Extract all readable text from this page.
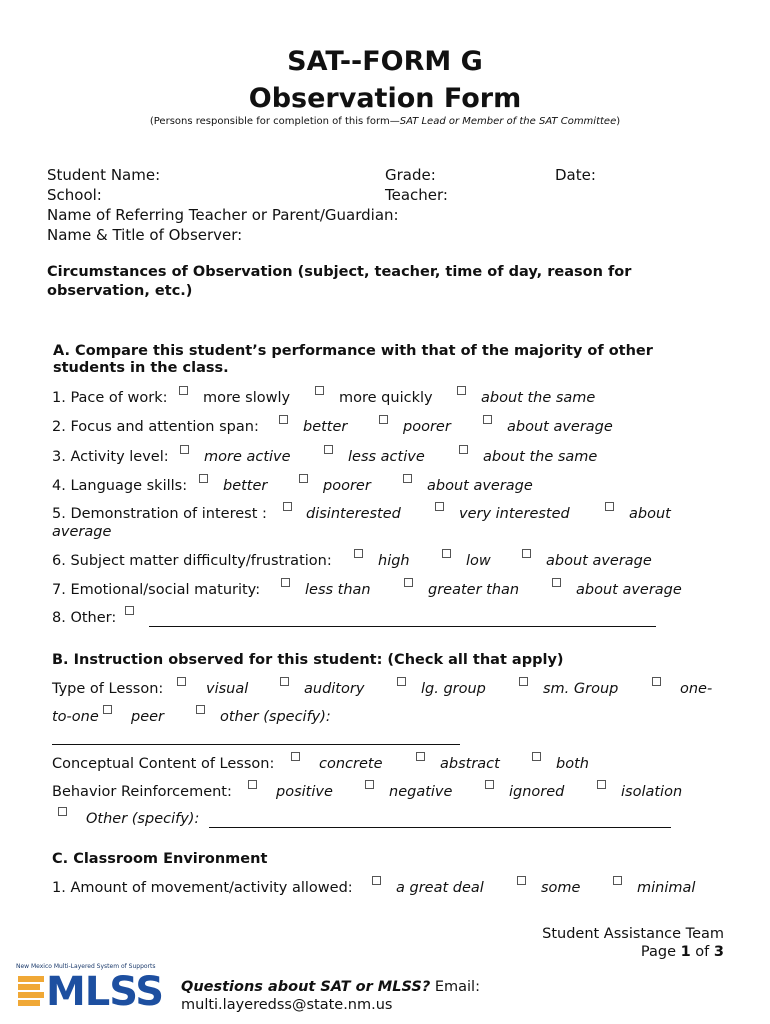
SAT--FORM G
Observation Form
(Persons responsible for completion of this form—SAT Lead or Member of the SAT Committee)
Student Name:	Grade:	Date:
School:	Teacher:
Name of Referring Teacher or Parent/Guardian:
Name & Title of Observer:
Circumstances of Observation (subject, teacher, time of day, reason for
observation, etc.)
A. Compare this student’s performance with that of the majority of other
students in the class.
1. Pace of work: more slowly	more quickly	about the same
2. Focus and attention span:	better	poorer	about average
3. Activity level: more active	less active	about the same
4. Language skills: better	poorer	about average
5. Demonstration of interest :	disinterested	very interested	about
average
6. Subject matter difficulty/frustration:	high	low	about average
7. Emotional/social maturity:	less than	greater than	about average
8. Other:
B. Instruction observed for this student: (Check all that apply)
Type of Lesson:	visual	auditory	lg. group	sm. Group	one-
to-one peer	other (specify):
Conceptual Content of Lesson:	concrete	abstract	both
Behavior Reinforcement:	positive	negative	ignored	isolation
Other (specify):
C. Classroom Environment
1. Amount of movement/activity allowed:	a great deal	some	minimal
Student Assistance Team
Page 1 of 3
New Mexico Multi-Layered System of Supports
MLSS Questions about SAT or MLSS? Email:
multi.layeredss@state.nm.us
